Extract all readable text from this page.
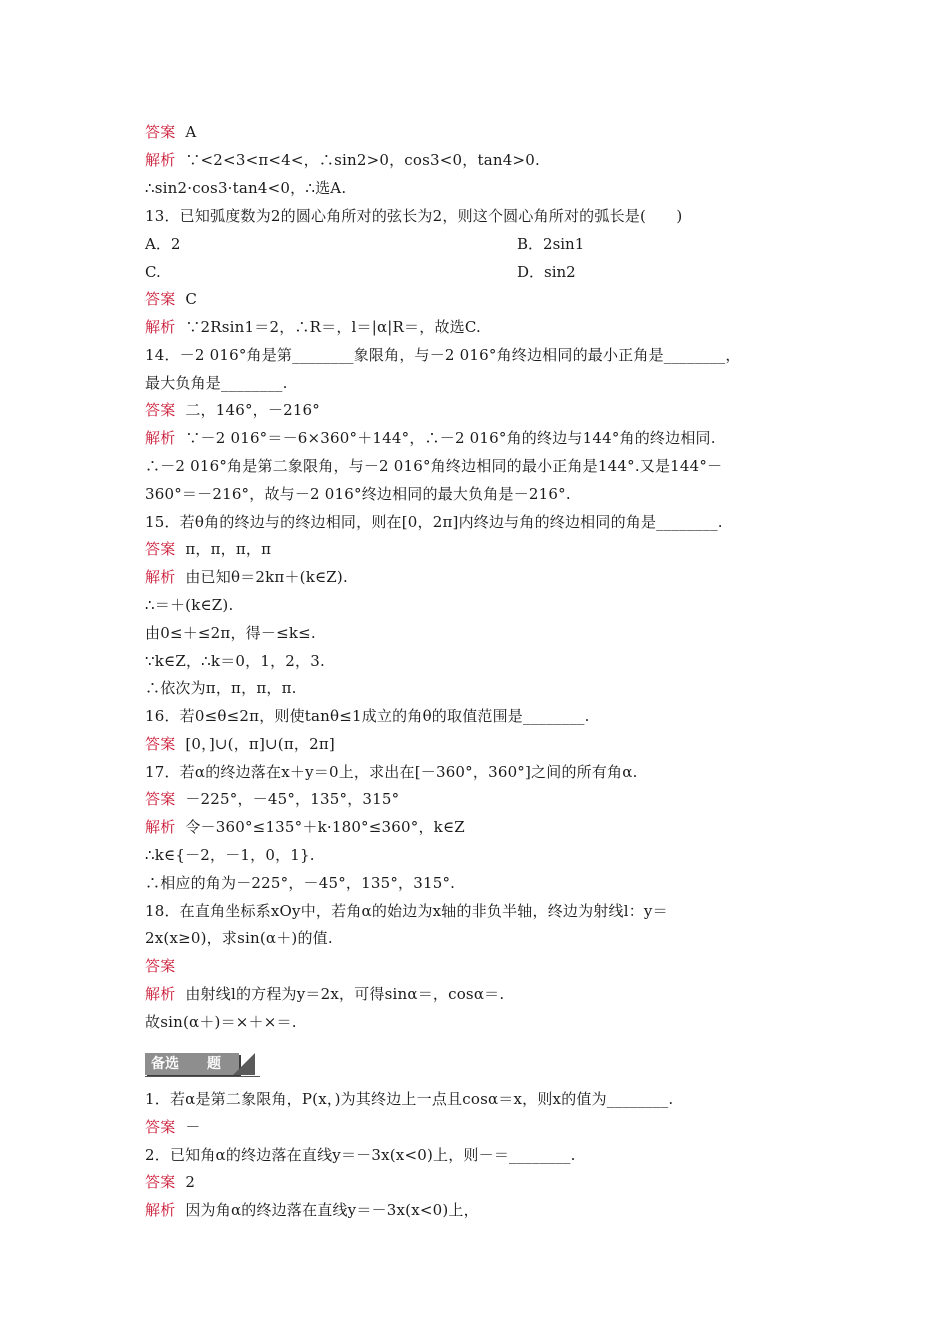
答案  A
解析  ∵<2<3<π<4<，∴sin2>0，cos3<0，tan4>0.
∴sin2·cos3·tan4<0，∴选A.
13．已知弧度数为2的圆心角所对的弦长为2，则这个圆心角所对的弧长是(　　)
答案  C
解析  ∵2Rsin1＝2，∴R＝，l＝|α|R＝，故选C.
14．－2 016°角是第________象限角，与－2 016°角终边相同的最小正角是________，
最大负角是________.
答案  二，146°，－216°
解析  ∵－2 016°＝－6×360°＋144°，∴－2 016°角的终边与144°角的终边相同.
∴－2 016°角是第二象限角，与－2 016°角终边相同的最小正角是144°.又是144°－
360°＝－216°，故与－2 016°终边相同的最大负角是－216°.
15．若θ角的终边与的终边相同，则在[0，2π]内终边与角的终边相同的角是________.
答案  π，π，π，π
解析  由已知θ＝2kπ＋(k∈Z).
∴＝＋(k∈Z).
由0≤＋≤2π，得－≤k≤.
∵k∈Z，∴k＝0，1，2，3.
∴依次为π，π，π，π.
16．若0≤θ≤2π，则使tanθ≤1成立的角θ的取值范围是________.
答案  [0，]∪(，π]∪(π，2π]
17．若α的终边落在x＋y＝0上，求出在[－360°，360°]之间的所有角α.
答案  －225°，－45°，135°，315°
解析  令－360°≤135°＋k·180°≤360°，k∈Z
∴k∈{－2，－1，0，1}.
∴相应的角为－225°，－45°，135°，315°.
18．在直角坐标系xOy中，若角α的始边为x轴的非负半轴，终边为射线l：y＝
2x(x≥0)，求sin(α＋)的值.
答案
解析  由射线l的方程为y＝2x，可得sinα＝，cosα＝.
故sin(α＋)＝×＋×＝.
1．若α是第二象限角，P(x，)为其终边上一点且cosα＝x，则x的值为________.
答案  －
2．已知角α的终边落在直线y＝－3x(x<0)上，则－＝________.
答案  2
解析  因为角α的终边落在直线y＝－3x(x<0)上，
A．2	B．2sin1
C.	D．sin2
备选	题
